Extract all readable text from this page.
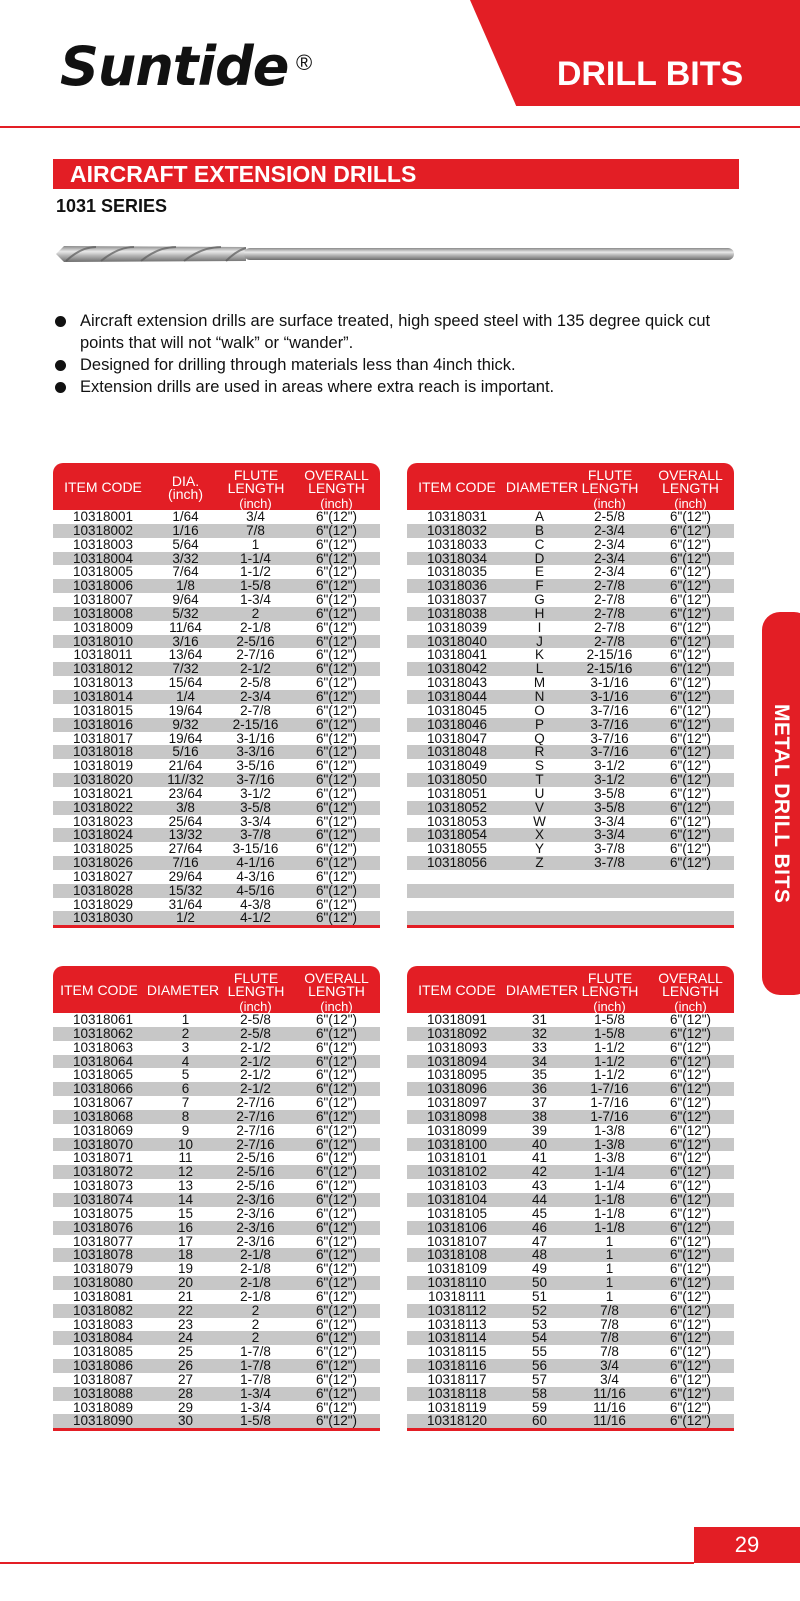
Suntide ®	DRILL BITS
AIRCRAFT EXTENSION DRILLS
1031 SERIES
Aircraft extension drills are surface treated, high speed steel with 135 degree quick cut points that will not “walk” or “wander”.
Designed for drilling through materials less than 4inch thick.
Extension drills are used in areas where extra reach is important.
METAL DRILL BITS
ITEM CODE	DIA.
(inch)
FLUTE LENGTH
(inch)
OVERALL LENGTH
(inch)
10318001	1/64	3/4	6"(12")
10318002	1/16	7/8	6"(12")
10318003	5/64	1	6"(12")
10318004	3/32	1-1/4	6"(12")
10318005	7/64	1-1/2	6"(12")
10318006	1/8	1-5/8	6"(12")
10318007	9/64	1-3/4	6"(12")
10318008	5/32	2	6"(12")
10318009	11/64	2-1/8	6"(12")
10318010	3/16	2-5/16	6"(12")
10318011	13/64	2-7/16	6"(12")
10318012	7/32	2-1/2	6"(12")
10318013	15/64	2-5/8	6"(12")
10318014	1/4	2-3/4	6"(12")
10318015	19/64	2-7/8	6"(12")
10318016	9/32	2-15/16	6"(12")
10318017	19/64	3-1/16	6"(12")
10318018	5/16	3-3/16	6"(12")
10318019	21/64	3-5/16	6"(12")
10318020	11//32	3-7/16	6"(12")
10318021	23/64	3-1/2	6"(12")
10318022	3/8	3-5/8	6"(12")
10318023	25/64	3-3/4	6"(12")
10318024	13/32	3-7/8	6"(12")
10318025	27/64	3-15/16	6"(12")
10318026	7/16	4-1/16	6"(12")
10318027	29/64	4-3/16	6"(12")
10318028	15/32	4-5/16	6"(12")
10318029	31/64	4-3/8	6"(12")
10318030	1/2	4-1/2	6"(12")
ITEM CODE DIAMETER
FLUTE LENGTH
(inch)
OVERALL LENGTH
(inch)
10318031	A	2-5/8	6"(12")
10318032	B	2-3/4	6"(12")
10318033	C	2-3/4	6"(12")
10318034	D	2-3/4	6"(12")
10318035	E	2-3/4	6"(12")
10318036	F	2-7/8	6"(12")
10318037	G	2-7/8	6"(12")
10318038	H	2-7/8	6"(12")
10318039	I	2-7/8	6"(12")
10318040	J	2-7/8	6"(12")
10318041	K	2-15/16	6"(12")
10318042	L	2-15/16	6"(12")
10318043	M	3-1/16	6"(12")
10318044	N	3-1/16	6"(12")
10318045	O	3-7/16	6"(12")
10318046	P	3-7/16	6"(12")
10318047	Q	3-7/16	6"(12")
10318048	R	3-7/16	6"(12")
10318049	S	3-1/2	6"(12")
10318050	T	3-1/2	6"(12")
10318051	U	3-5/8	6"(12")
10318052	V	3-5/8	6"(12")
10318053	W	3-3/4	6"(12")
10318054	X	3-3/4	6"(12")
10318055	Y	3-7/8	6"(12")
10318056	Z	3-7/8	6"(12")
ITEM CODE DIAMETER
FLUTE LENGTH
(inch)
OVERALL LENGTH
(inch)
10318061	1	2-5/8	6"(12")
10318062	2	2-5/8	6"(12")
10318063	3	2-1/2	6"(12")
10318064	4	2-1/2	6"(12")
10318065	5	2-1/2	6"(12")
10318066	6	2-1/2	6"(12")
10318067	7	2-7/16	6"(12")
10318068	8	2-7/16	6"(12")
10318069	9	2-7/16	6"(12")
10318070	10	2-7/16	6"(12")
10318071	11	2-5/16	6"(12")
10318072	12	2-5/16	6"(12")
10318073	13	2-5/16	6"(12")
10318074	14	2-3/16	6"(12")
10318075	15	2-3/16	6"(12")
10318076	16	2-3/16	6"(12")
10318077	17	2-3/16	6"(12")
10318078	18	2-1/8	6"(12")
10318079	19	2-1/8	6"(12")
10318080	20	2-1/8	6"(12")
10318081	21	2-1/8	6"(12")
10318082	22	2	6"(12")
10318083	23	2	6"(12")
10318084	24	2	6"(12")
10318085	25	1-7/8	6"(12")
10318086	26	1-7/8	6"(12")
10318087	27	1-7/8	6"(12")
10318088	28	1-3/4	6"(12")
10318089	29	1-3/4	6"(12")
10318090	30	1-5/8	6"(12")
ITEM CODE DIAMETER
FLUTE LENGTH
(inch)
OVERALL LENGTH
(inch)
10318091	31	1-5/8	6"(12")
10318092	32	1-5/8	6"(12")
10318093	33	1-1/2	6"(12")
10318094	34	1-1/2	6"(12")
10318095	35	1-1/2	6"(12")
10318096	36	1-7/16	6"(12")
10318097	37	1-7/16	6"(12")
10318098	38	1-7/16	6"(12")
10318099	39	1-3/8	6"(12")
10318100	40	1-3/8	6"(12")
10318101	41	1-3/8	6"(12")
10318102	42	1-1/4	6"(12")
10318103	43	1-1/4	6"(12")
10318104	44	1-1/8	6"(12")
10318105	45	1-1/8	6"(12")
10318106	46	1-1/8	6"(12")
10318107	47	1	6"(12")
10318108	48	1	6"(12")
10318109	49	1	6"(12")
10318110	50	1	6"(12")
10318111	51	1	6"(12")
10318112	52	7/8	6"(12")
10318113	53	7/8	6"(12")
10318114	54	7/8	6"(12")
10318115	55	7/8	6"(12")
10318116	56	3/4	6"(12")
10318117	57	3/4	6"(12")
10318118	58	11/16	6"(12")
10318119	59	11/16	6"(12")
10318120	60	11/16	6"(12")
29
